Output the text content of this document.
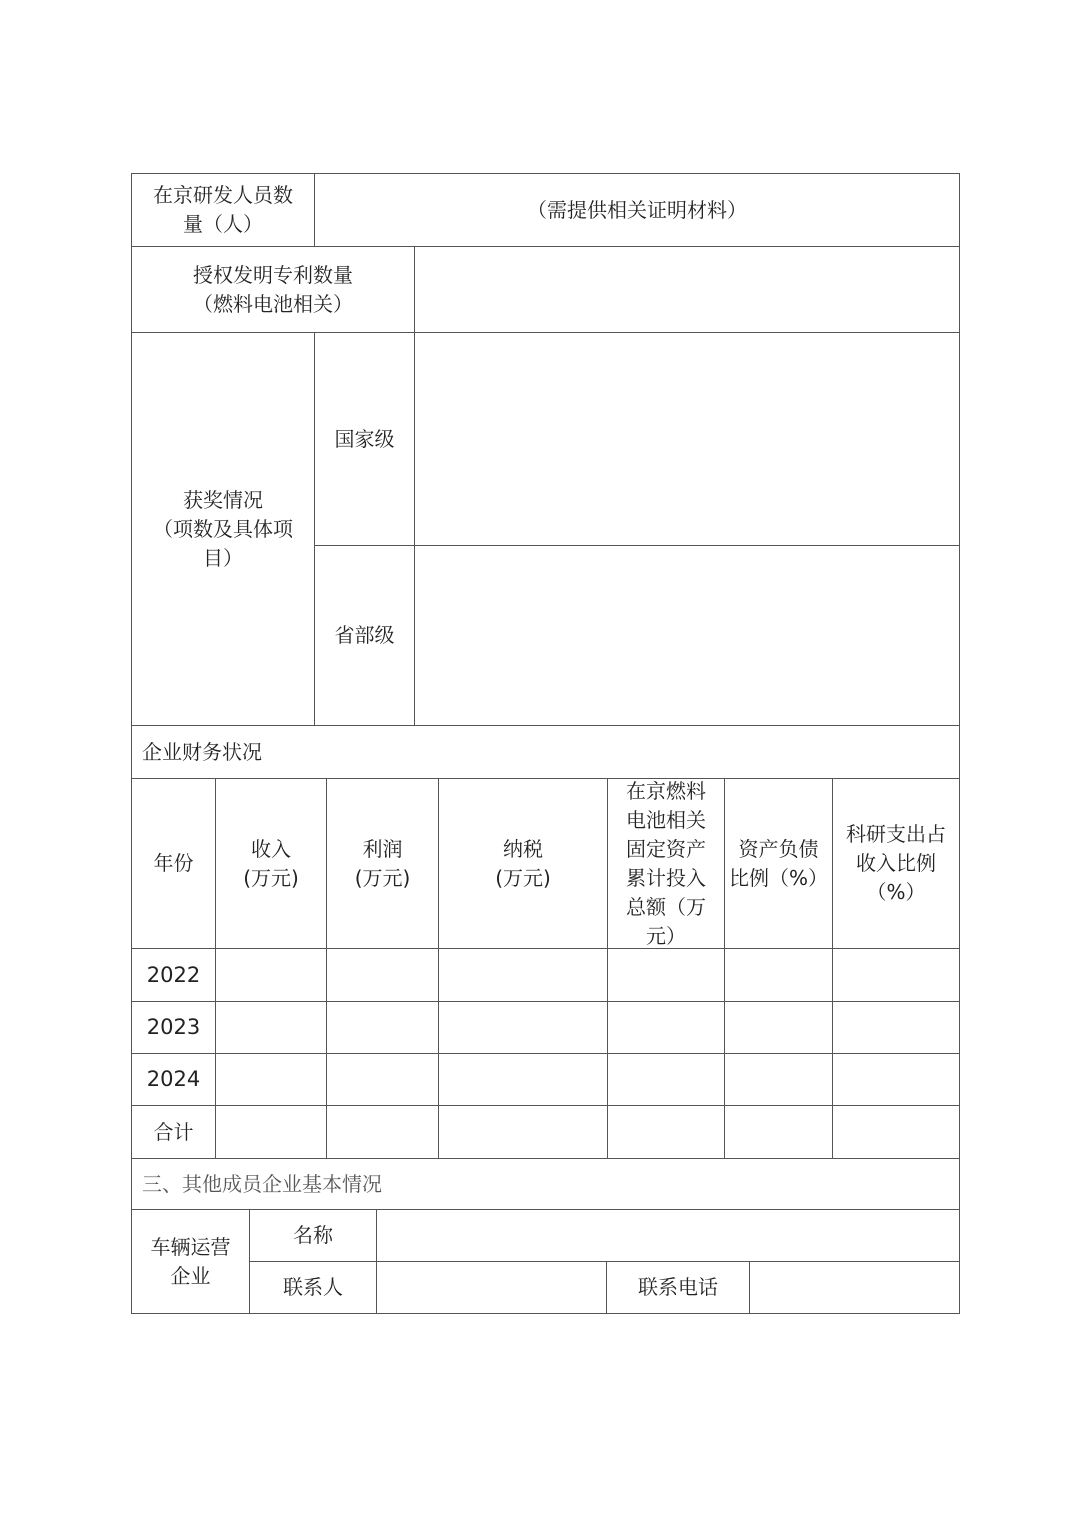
在京研发人员数
量（人）
（需提供相关证明材料）
授权发明专利数量
（燃料电池相关）
获奖情况
（项数及具体项
目）
国家级
省部级
企业财务状况
年份
收入
(万元)
利润
(万元)
纳税
(万元)
在京燃料
电池相关
固定资产
累计投入
总额（万
元）
资产负债
比例（%）
科研支出占
收入比例
（%）
2022
2023
2024
合计
三、其他成员企业基本情况
车辆运营
企业
名称
联系人	联系电话
